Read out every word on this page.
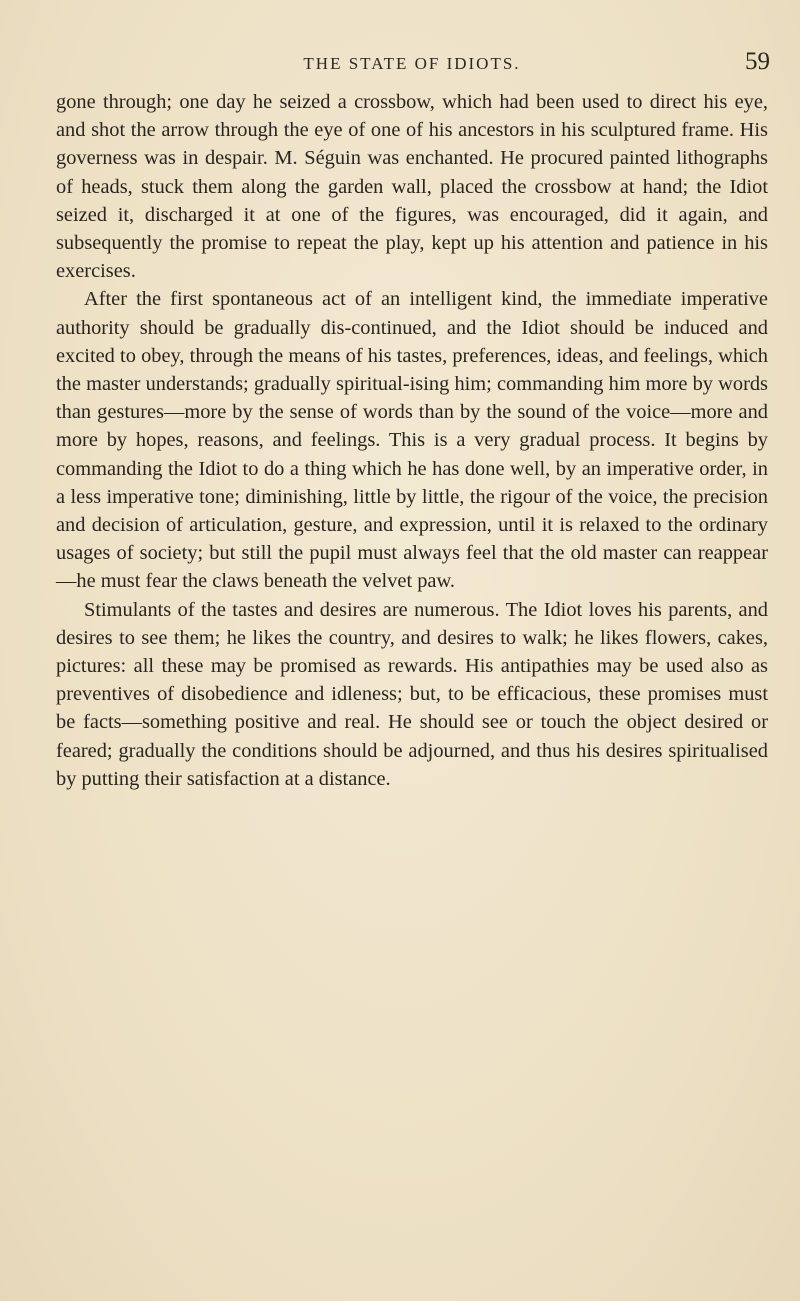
THE STATE OF IDIOTS.	59

gone through; one day he seized a crossbow, which had been used to direct his eye, and shot the arrow through the eye of one of his ancestors in his sculptured frame. His governess was in despair. M. Séguin was enchanted. He procured painted lithographs of heads, stuck them along the garden wall, placed the crossbow at hand; the Idiot seized it, discharged it at one of the figures, was encouraged, did it again, and subsequently the promise to repeat the play, kept up his attention and patience in his exercises.

After the first spontaneous act of an intelligent kind, the immediate imperative authority should be gradually dis-continued, and the Idiot should be induced and excited to obey, through the means of his tastes, preferences, ideas, and feelings, which the master understands; gradually spiritual-ising him; commanding him more by words than gestures—more by the sense of words than by the sound of the voice—more and more by hopes, reasons, and feelings. This is a very gradual process. It begins by commanding the Idiot to do a thing which he has done well, by an imperative order, in a less imperative tone; diminishing, little by little, the rigour of the voice, the precision and decision of articulation, gesture, and expression, until it is relaxed to the ordinary usages of society; but still the pupil must always feel that the old master can reappear—he must fear the claws beneath the velvet paw.

Stimulants of the tastes and desires are numerous. The Idiot loves his parents, and desires to see them; he likes the country, and desires to walk; he likes flowers, cakes, pictures: all these may be promised as rewards. His antipathies may be used also as preventives of disobedience and idleness; but, to be efficacious, these promises must be facts—something positive and real. He should see or touch the object desired or feared; gradually the conditions should be adjourned, and thus his desires spiritualised by putting their satisfaction at a distance.
